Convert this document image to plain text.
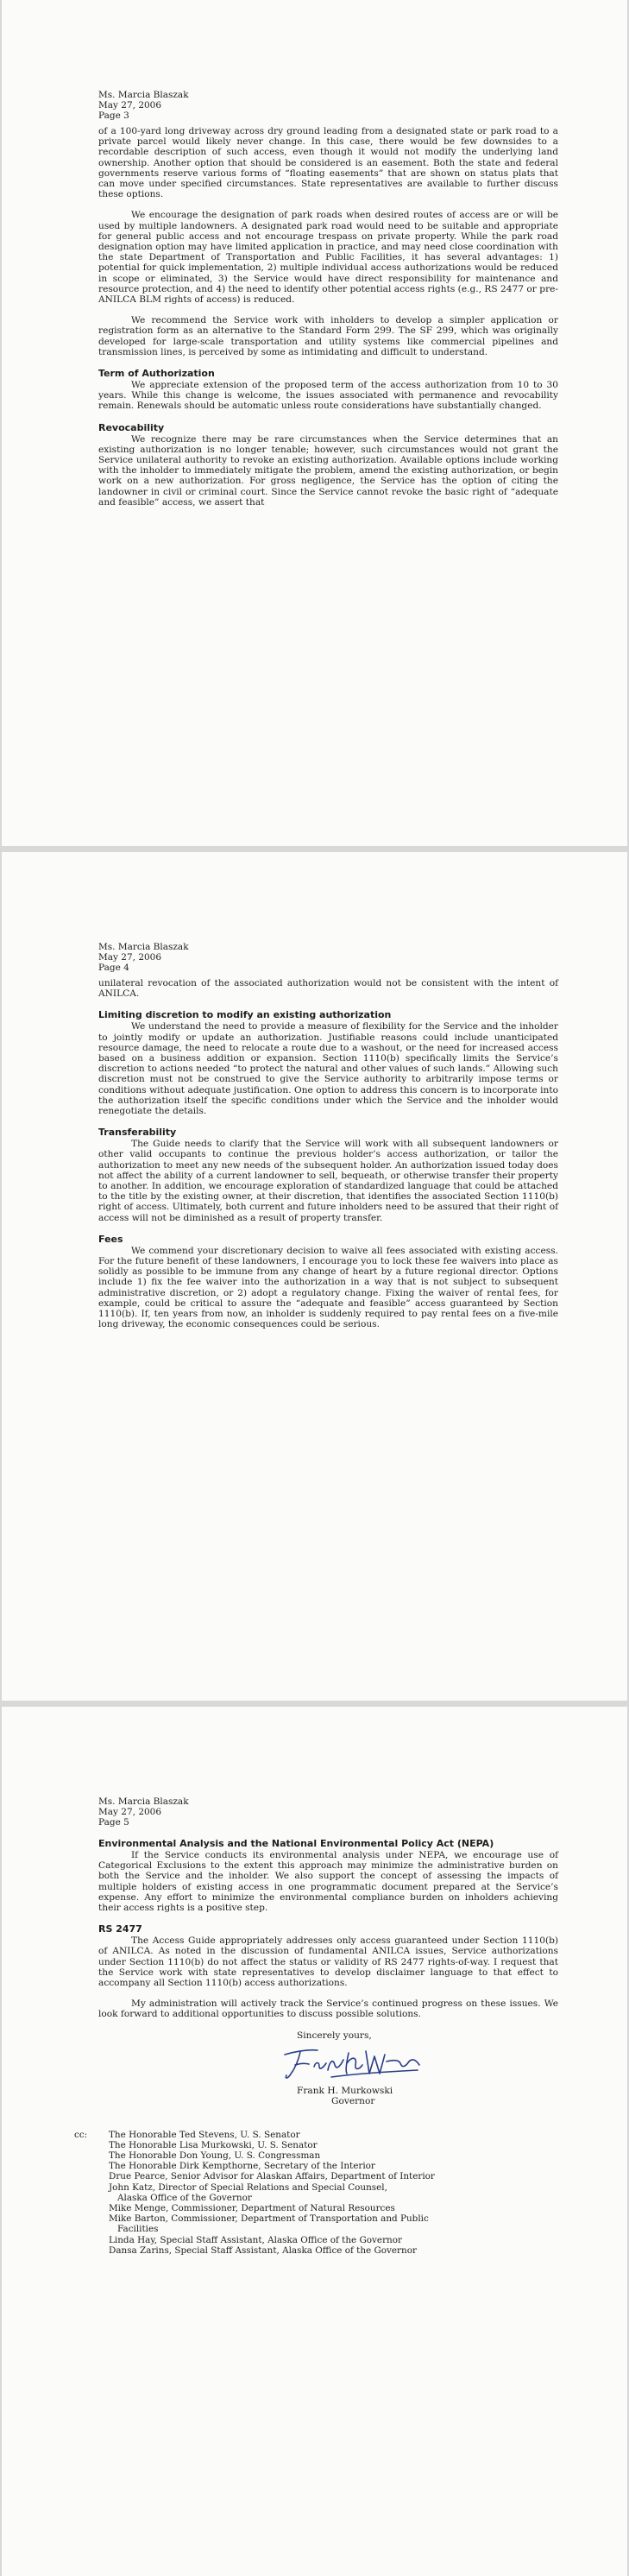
Ms. Marcia Blaszak
May 27, 2006
Page 3

of a 100-yard long driveway across dry ground leading from a designated state or park road to a private parcel would likely never change. In this case, there would be few downsides to a recordable description of such access, even though it would not modify the underlying land ownership. Another option that should be considered is an easement. Both the state and federal governments reserve various forms of “floating easements” that are shown on status plats that can move under specified circumstances. State representatives are available to further discuss these options.

We encourage the designation of park roads when desired routes of access are or will be used by multiple landowners. A designated park road would need to be suitable and appropriate for general public access and not encourage trespass on private property. While the park road designation option may have limited application in practice, and may need close coordination with the state Department of Transportation and Public Facilities, it has several advantages: 1) potential for quick implementation, 2) multiple individual access authorizations would be reduced in scope or eliminated, 3) the Service would have direct responsibility for maintenance and resource protection, and 4) the need to identify other potential access rights (e.g., RS 2477 or pre-ANILCA BLM rights of access) is reduced.

We recommend the Service work with inholders to develop a simpler application or registration form as an alternative to the Standard Form 299. The SF 299, which was originally developed for large-scale transportation and utility systems like commercial pipelines and transmission lines, is perceived by some as intimidating and difficult to understand.

Term of Authorization

We appreciate extension of the proposed term of the access authorization from 10 to 30 years. While this change is welcome, the issues associated with permanence and revocability remain. Renewals should be automatic unless route considerations have substantially changed.

Revocability

We recognize there may be rare circumstances when the Service determines that an existing authorization is no longer tenable; however, such circumstances would not grant the Service unilateral authority to revoke an existing authorization. Available options include working with the inholder to immediately mitigate the problem, amend the existing authorization, or begin work on a new authorization. For gross negligence, the Service has the option of citing the landowner in civil or criminal court. Since the Service cannot revoke the basic right of “adequate and feasible” access, we assert that

Ms. Marcia Blaszak
May 27, 2006
Page 4

unilateral revocation of the associated authorization would not be consistent with the intent of ANILCA.

Limiting discretion to modify an existing authorization

We understand the need to provide a measure of flexibility for the Service and the inholder to jointly modify or update an authorization. Justifiable reasons could include unanticipated resource damage, the need to relocate a route due to a washout, or the need for increased access based on a business addition or expansion. Section 1110(b) specifically limits the Service’s discretion to actions needed “to protect the natural and other values of such lands.” Allowing such discretion must not be construed to give the Service authority to arbitrarily impose terms or conditions without adequate justification. One option to address this concern is to incorporate into the authorization itself the specific conditions under which the Service and the inholder would renegotiate the details.

Transferability

The Guide needs to clarify that the Service will work with all subsequent landowners or other valid occupants to continue the previous holder’s access authorization, or tailor the authorization to meet any new needs of the subsequent holder. An authorization issued today does not affect the ability of a current landowner to sell, bequeath, or otherwise transfer their property to another. In addition, we encourage exploration of standardized language that could be attached to the title by the existing owner, at their discretion, that identifies the associated Section 1110(b) right of access. Ultimately, both current and future inholders need to be assured that their right of access will not be diminished as a result of property transfer.

Fees

We commend your discretionary decision to waive all fees associated with existing access. For the future benefit of these landowners, I encourage you to lock these fee waivers into place as solidly as possible to be immune from any change of heart by a future regional director. Options include 1) fix the fee waiver into the authorization in a way that is not subject to subsequent administrative discretion, or 2) adopt a regulatory change. Fixing the waiver of rental fees, for example, could be critical to assure the “adequate and feasible” access guaranteed by Section 1110(b). If, ten years from now, an inholder is suddenly required to pay rental fees on a five-mile long driveway, the economic consequences could be serious.

Ms. Marcia Blaszak
May 27, 2006
Page 5
Environmental Analysis and the National Environmental Policy Act (NEPA)

If the Service conducts its environmental analysis under NEPA, we encourage use of Categorical Exclusions to the extent this approach may minimize the administrative burden on both the Service and the inholder. We also support the concept of assessing the impacts of multiple holders of existing access in one programmatic document prepared at the Service’s expense. Any effort to minimize the environmental compliance burden on inholders achieving their access rights is a positive step.

RS 2477

The Access Guide appropriately addresses only access guaranteed under Section 1110(b) of ANILCA. As noted in the discussion of fundamental ANILCA issues, Service authorizations under Section 1110(b) do not affect the status or validity of RS 2477 rights-of-way. I request that the Service work with state representatives to develop disclaimer language to that effect to accompany all Section 1110(b) access authorizations.

My administration will actively track the Service’s continued progress on these issues. We look forward to additional opportunities to discuss possible solutions.

Sincerely yours,
Frank H. Murkowski
Governor
cc:	The Honorable Ted Stevens, U. S. Senator
The Honorable Lisa Murkowski, U. S. Senator
The Honorable Don Young, U. S. Congressman
The Honorable Dirk Kempthorne, Secretary of the Interior
Drue Pearce, Senior Advisor for Alaskan Affairs, Department of Interior
John Katz, Director of Special Relations and Special Counsel,
Alaska Office of the Governor
Mike Menge, Commissioner, Department of Natural Resources
Mike Barton, Commissioner, Department of Transportation and Public
Facilities
Linda Hay, Special Staff Assistant, Alaska Office of the Governor
Dansa Zarins, Special Staff Assistant, Alaska Office of the Governor
